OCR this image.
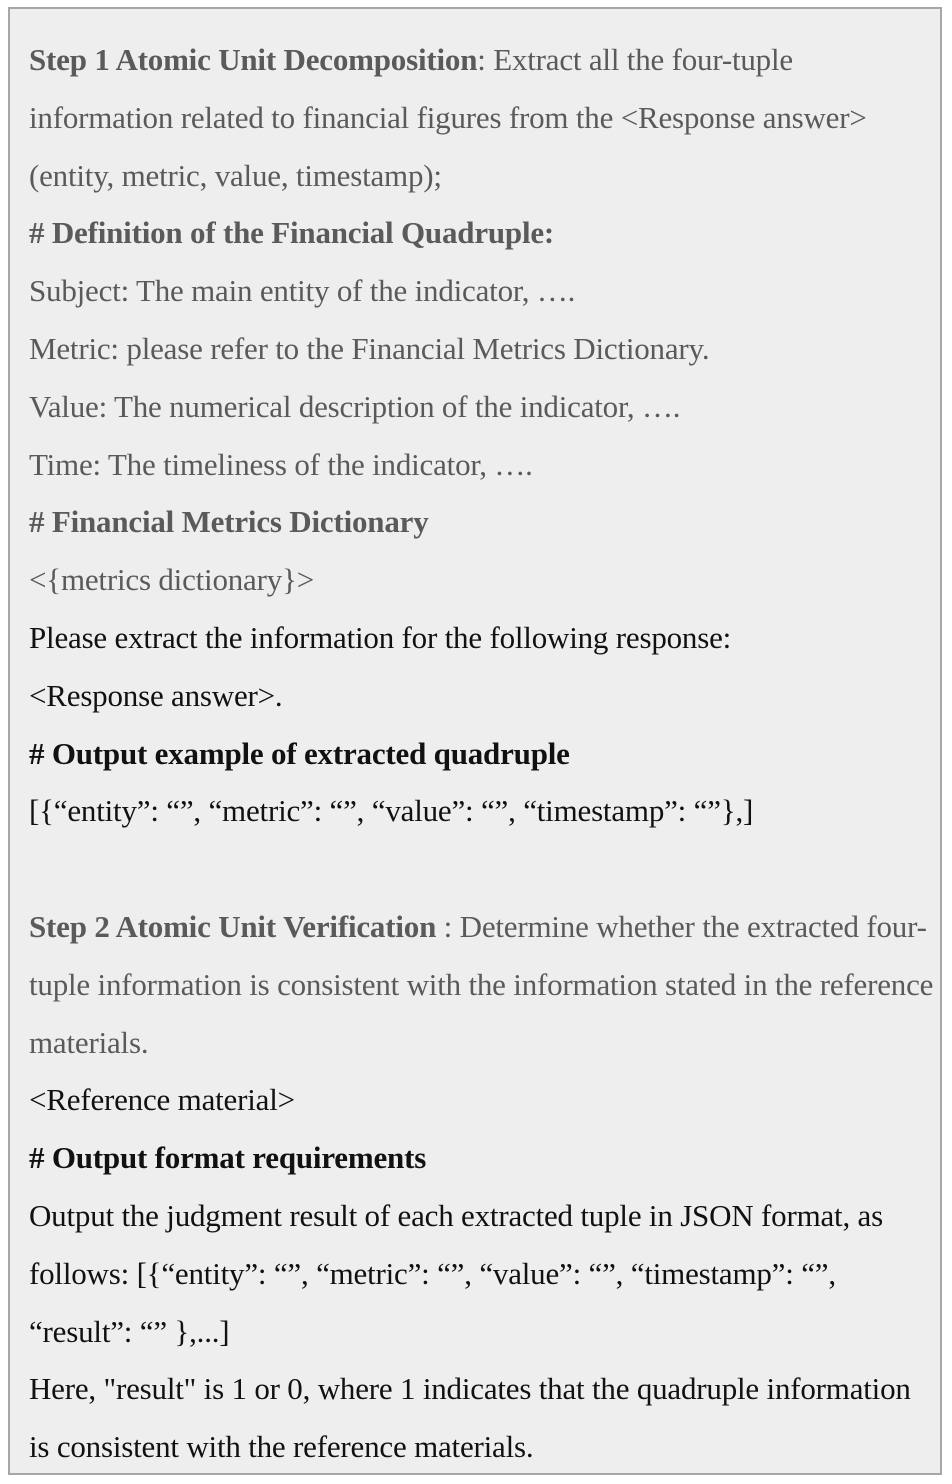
Step 1 Atomic Unit Decomposition: Extract all the four-tuple information related to financial figures from the <Response answer> (entity, metric, value, timestamp);

# Definition of the Financial Quadruple:

Subject: The main entity of the indicator, ….

Metric: please refer to the Financial Metrics Dictionary.

Value: The numerical description of the indicator, ….

Time: The timeliness of the indicator, ….

# Financial Metrics Dictionary

<{metrics dictionary}>

Please extract the information for the following response:

<Response answer>.

# Output example of extracted quadruple

[{“entity”: “”, “metric”: “”, “value”: “”, “timestamp”: “”},]

Step 2 Atomic Unit Verification : Determine whether the extracted four-tuple information is consistent with the information stated in the reference materials.

<Reference material>

# Output format requirements

Output the judgment result of each extracted tuple in JSON format, as follows: [{“entity”: “”, “metric”: “”, “value”: “”, “timestamp”: “”, “result”: “” },...]

Here, "result" is 1 or 0, where 1 indicates that the quadruple information is consistent with the reference materials.
